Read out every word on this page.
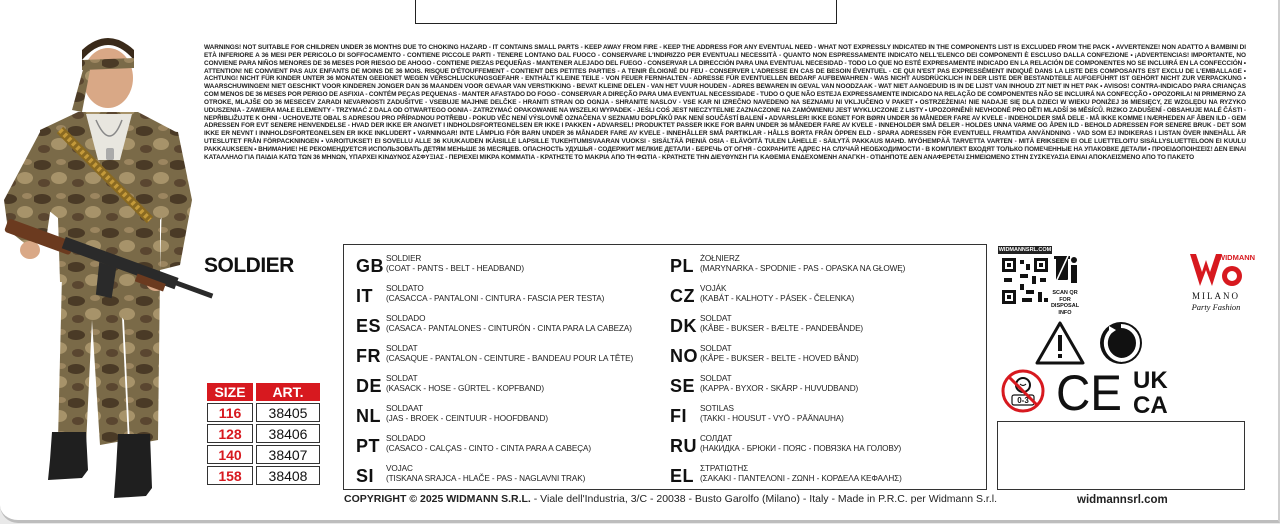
WARNINGS! NOT SUITABLE FOR CHILDREN UNDER 36 MONTHS DUE TO CHOKING HAZARD - IT CONTAINS SMALL PARTS - KEEP AWAY FROM FIRE - KEEP THE ADDRESS FOR ANY EVENTUAL NEED - WHAT NOT EXPRESSLY INDICATED IN THE COMPONENTS LIST IS EXCLUDED FROM THE PACK • AVVERTENZE! NON ADATTO A BAMBINI DI ETÀ INFERIORE A 36 MESI PER PERICOLO DI SOFFOCAMENTO - CONTIENE PICCOLE PARTI - TENERE LONTANO DAL FUOCO - CONSERVARE L'INDIRIZZO PER EVENTUALI NECESSITÀ - QUANTO NON ESPRESSAMENTE INDICATO NELL'ELENCO DEI COMPONENTI È ESCLUSO DALLA CONFEZIONE • ¡ADVERTENCIAS! IMPORTANTE, NO CONVIENE PARA NIÑOS MENORES DE 36 MESES POR RIESGO DE AHOGO - CONTIENE PIEZAS PEQUEÑAS - MANTENER ALEJADO DEL FUEGO - CONSERVAR LA DIRECCIÓN PARA UNA EVENTUAL NECESIDAD - TODO LO QUE NO ESTÉ EXPRESAMENTE INDICADO EN LA RELACIÓN DE COMPONENTES NO SE INCLUIRÁ EN LA CONFECCIÓN • ATTENTION! NE CONVIENT PAS AUX ENFANTS DE MOINS DE 36 MOIS. RISQUE D'ÉTOUFFEMENT - CONTIENT DES PETITES PARTIES - A TENIR ÉLOIGNÉ DU FEU - CONSERVER L'ADRESSE EN CAS DE BESOIN ÉVENTUEL - CE QUI N'EST PAS EXPRESSÉMENT INDIQUÉ DANS LA LISTE DES COMPOSANTS EST EXCLU DE L'EMBALLAGE • ACHTUNG! NICHT FÜR KINDER UNTER 36 MONATEN GEEIGNET WEGEN VERSCHLUCKUNGSGEFAHR - ENTHÄLT KLEINE TEILE - VON FEUER FERNHALTEN - ADRESSE FÜR EVENTUELLEN BEDARF AUFBEWAHREN - WAS NICHT AUSDRÜCKLICH IN DER LISTE DER BESTANDTEILE AUFGEFÜHRT IST GEHÖRT NICHT ZUR VERPACKUNG • WAARSCHUWINGEN! NIET GESCHIKT VOOR KINDEREN JONGER DAN 36 MAANDEN VOOR GEVAAR VAN VERSTIKKING - BEVAT KLEINE DELEN - VAN HET VUUR HOUDEN - ADRES BEWAREN IN GEVAL VAN NOODZAAK - WAT NIET AANGEDUID IS IN DE LIJST VAN INHOUD ZIT NIET IN HET PAK • AVISOS! CONTRA-INDICADO PARA CRIANÇAS COM MENOS DE 36 MESES POR PERIGO DE ASFIXIA - CONTÉM PEÇAS PEQUENAS - MANTER AFASTADO DO FOGO - CONSERVAR A DIREÇÃO PARA UMA EVENTUAL NECESSIDADE - TUDO O QUE NÃO ESTEJA EXPRESSAMENTE INDICADO NA RELAÇÃO DE COMPONENTES NÃO SE INCLUIRÁ NA CONFECÇÃO • OPOZORILA! NI PRIMERNO ZA OTROKE, MLAJŠE OD 36 MESECEV ZARADI NEVARNOSTI ZADUŠITVE - VSEBUJE MAJHNE DELČKE - HRANITI STRAN OD OGNJA - SHRANITE NASLOV - VSE KAR NI IZREČNO NAVEDENO NA SEZNAMU NI VKLJUČENO V PAKET • OSTRZEŻENIA! NIE NADAJE SIĘ DLA DZIECI W WIEKU PONIŻEJ 36 MIESIĘCY, ZE WZGLĘDU NA RYZYKO UDUSZENIA - ZAWIERA MAŁE ELEMENTY - TRZYMAĆ Z DALA OD OTWARTEGO OGNIA - ZATRZYMAĆ OPAKOWANIE NA WSZELKI WYPADEK - JEŚLI COŚ JEST NIECZYTELNIE ZAZNACZONE NA ZAMÓWIENIU JEST WYKLUCZONE Z LISTY • UPOZORNĚNÍ! NEVHODNÉ PRO DĚTI MLADŠÍ 36 MĚSÍCŮ. RIZIKO ZADUŠENÍ - OBSAHUJE MALÉ ČÁSTI - NEPŘIBLIŽUJTE K OHNI - UCHOVEJTE OBAL S ADRESOU PRO PŘÍPADNOU POTŘEBU - POKUD VĚC NENÍ VÝSLOVNĚ OZNAČENA V SEZNAMU DOPLŇKŮ PAK NENÍ SOUČÁSTÍ BALENÍ • ADVARSLER! IKKE EGNET FOR BØRN UNDER 36 MÅNEDER FARE AV KVELE - INDEHOLDER SMÅ DELE - MÅ IKKE KOMME I NÆRHEDEN AF ÅBEN ILD - GEM ADRESSEN FOR EVT SENERE HENVENDELSE - HVAD DER IKKE ER ANGIVET I INDHOLDSFORTEGNELSEN ER IKKE I PAKKEN • ADVARSEL! PRODUKTET PASSER IKKE FOR BARN UNDER 36 MÅNEDER FARE AV KVELE - INNEHOLDER SMÅ DELER - HOLDES UNNA VARME OG ÅPEN ILD - BEHOLD ADRESSEN FOR SENERE BRUK - DET SOM IKKE ER NEVNT I INNHOLDSFORTEGNELSEN ER IKKE INKLUDERT • VARNINGAR! INTE LÄMPLIG FÖR BARN UNDER 36 MÅNADER FARE AV KVELE - INNEHÅLLER SMÅ PARTIKLAR - HÅLLS BORTA FRÅN ÖPPEN ELD - SPARA ADRESSEN FÖR EVENTUELL FRAMTIDA ANVÄNDNING - VAD SOM EJ INDIKERAS I LISTAN ÖVER INNEHÅLL ÄR UTESLUTET FRÅN FÖRPACKNINGEN • VAROITUKSET! EI SOVELLU ALLE 36 KUUKAUDEN IKÄISILLE LAPSILLE TUKEHTUMISVAARAN VUOKSI - SISÄLTÄÄ PIENIÄ OSIA - ELÄVÖITÄ TULEN LÄHELLE - SÄILYTÄ PAKKAUS MAHD. MYÖHEMPÄÄ TARVETTA VARTEN - MITÄ ERIKSEEN EI OLE LUETTELOITU SISÄLLYSLUETTELOON EI KUULU PAKKAUKSEEN • ВНИМАНИЕ! НЕ РЕКОМЕНДУЕТСЯ ИСПОЛЬЗОВАТЬ ДЕТЯМ МЕНЬШЕ 36 МЕСЯЦЕВ. ОПАСНОСТЬ УДУШЬЯ - СОДЕРЖИТ МЕЛКИЕ ДЕТАЛИ - БЕРЕЧЬ ОТ ОГНЯ - СОХРАНИТЕ АДРЕС НА СЛУЧАЙ НЕОБХОДИМОСТИ - В КОМПЛЕКТ ВХОДЯТ ТОЛЬКО ПОМЕЧЕННЫЕ НА УПАКОВКЕ ДЕТАЛИ • ΠΡΟΕΙΔΟΠΟΙΗΣΕΙΣ! ΔΕΝ ΕΙΝΑΙ ΚΑΤΑΛΛΗΛΟ ΓΙΑ ΠΑΙΔΙΑ ΚΑΤΩ ΤΩΝ 36 ΜΗΝΩΝ, ΥΠΑΡΧΕΙ ΚΙΝΔΥΝΟΣ ΑΣΦΥΞΙΑΣ - ΠΕΡΙΕΧΕΙ ΜΙΚΡΑ ΚΟΜΜΑΤΙΑ - ΚΡΑΤΗΣΤΕ ΤΟ ΜΑΚΡΙΑ ΑΠΟ ΤΗ ΦΩΤΙΑ - ΚΡΑΤΗΣΤΕ ΤΗΝ ΔΙΕΥΘΥΝΣΗ ΓΙΑ ΚΑΘΕΜΙΑ ΕΝΔΕΧΟΜΕΝΗ ΑΝΑΓΚΗ - ΟΤΙΔΗΠΟΤΕ ΔΕΝ ΑΝΑΦΕΡΕΤΑΙ ΣΗΜΕΙΩΜΕΝΟ ΣΤΗΝ ΣΥΣΚΕΥΑΣΙΑ ΕΙΝΑΙ ΑΠΟΚΛΕΙΣΜΕΝΟ ΑΠΟ ΤΟ ΠΑΚΕΤΟ
SOLDIER
SIZE	ART.
116	38405
128	38406
140	38407
158	38408
GB SOLDIER
(COAT - PANTS - BELT - HEADBAND)
IT SOLDATO
(CASACCA - PANTALONI - CINTURA - FASCIA PER TESTA)
ES SOLDADO
(CASACA - PANTALONES - CINTURÓN - CINTA PARA LA CABEZA)
FR SOLDAT
(CASAQUE - PANTALON - CEINTURE - BANDEAU POUR LA TÊTE)
DE SOLDAT
(KASACK - HOSE - GÜRTEL - KOPFBAND)
NL SOLDAAT
(JAS - BROEK - CEINTUUR - HOOFDBAND)
PT SOLDADO
(CASACO - CALÇAS - CINTO - CINTA PARA A CABEÇA)
SI VOJAC
(TISKANA SRAJCA - HLAČE - PAS - NAGLAVNI TRAK)
PL ŻOŁNIERZ
(MARYNARKA - SPODNIE - PAS - OPASKA NA GŁOWĘ)
CZ VOJÁK
(KABÁT - KALHOTY - PÁSEK - ČELENKA)
DK SOLDAT
(KÅBE - BUKSER - BÆLTE - PANDEBÅNDE)
NO SOLDAT
(KÅPE - BUKSER - BELTE - HOVED BÅND)
SE SOLDAT
(KAPPA - BYXOR - SKÄRP - HUVUDBAND)
FI SOTILAS
(TAKKI - HOUSUT - VYÖ - PÄÄNAUHA)
RU СОЛДАТ
(НАКИДКА - БРЮКИ - ПОЯС - ПОВЯЗКА НА ГОЛОВУ)
EL ΣΤΡΑΤΙΩΤΗΣ
(ΣΑΚΑΚΙ - ΠΑΝΤΕΛΟΝΙ - ΖΩΝΗ - ΚΟΡΔΕΛΑ ΚΕΦΑΛΗΣ)
COPYRIGHT © 2025 WIDMANN S.R.L. - Viale dell'Industria, 3/C - 20038 - Busto Garolfo (Milano) - Italy - Made in P.R.C. per Widmann S.r.l.	widmannsrl.com
WIDMANNSRL.COM
SCAN QR FOR DISPOSAL INFO
WIDMANN
MILANO
Party Fashion
0-3 CE UK
CA
